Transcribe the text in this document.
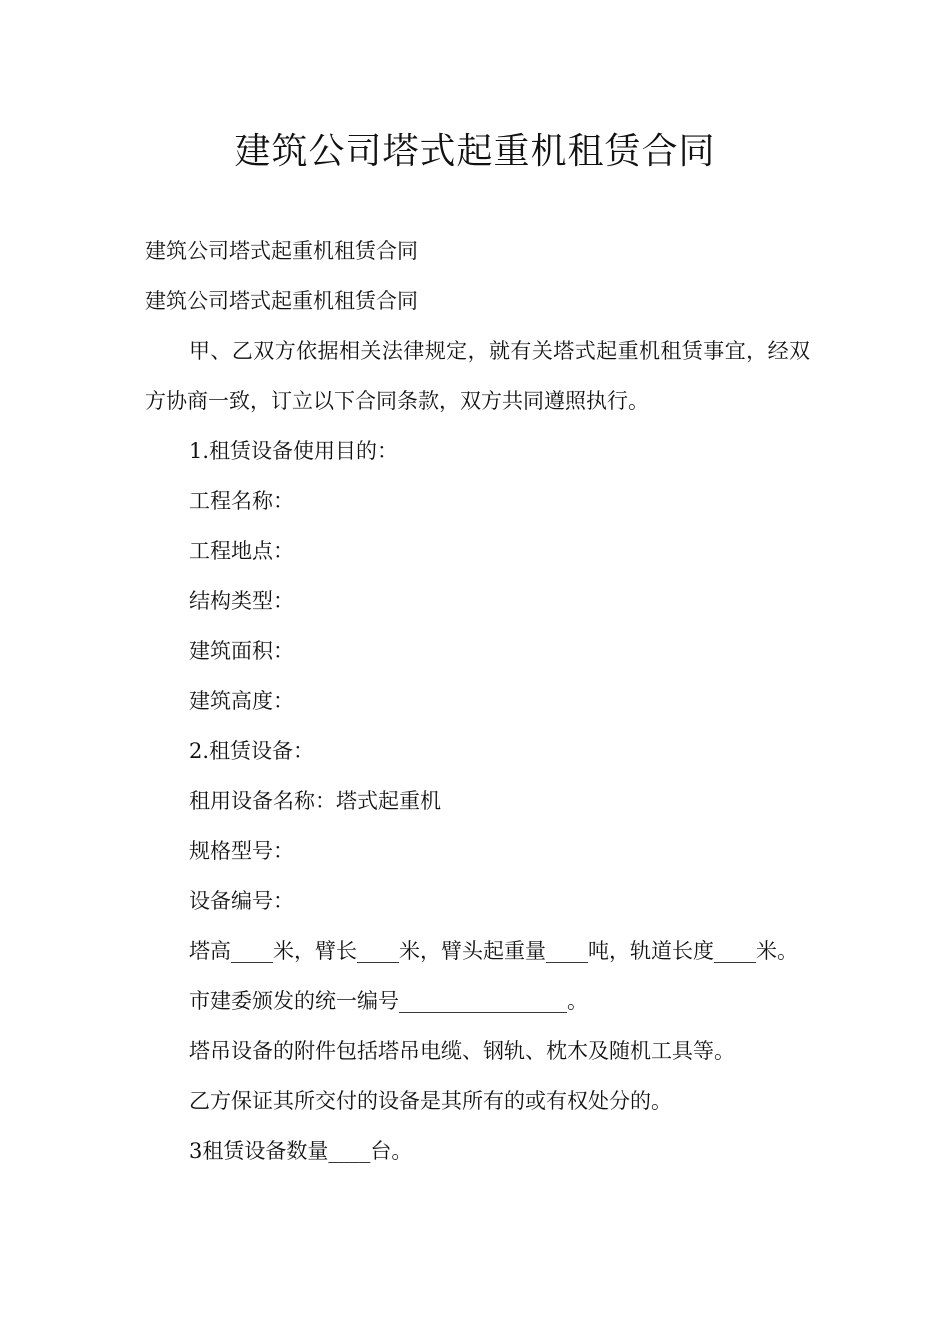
建筑公司塔式起重机租赁合同

建筑公司塔式起重机租赁合同

建筑公司塔式起重机租赁合同

甲、乙双方依据相关法律规定，就有关塔式起重机租赁事宜，经双方协商一致，订立以下合同条款，双方共同遵照执行。

1.租赁设备使用目的：

工程名称：

工程地点：

结构类型：

建筑面积：

建筑高度：

2.租赁设备：

租用设备名称：塔式起重机

规格型号：

设备编号：

塔高____米，臂长____米，臂头起重量____吨，轨道长度____米。

市建委颁发的统一编号________________。

塔吊设备的附件包括塔吊电缆、钢轨、枕木及随机工具等。

乙方保证其所交付的设备是其所有的或有权处分的。

3租赁设备数量____台。
